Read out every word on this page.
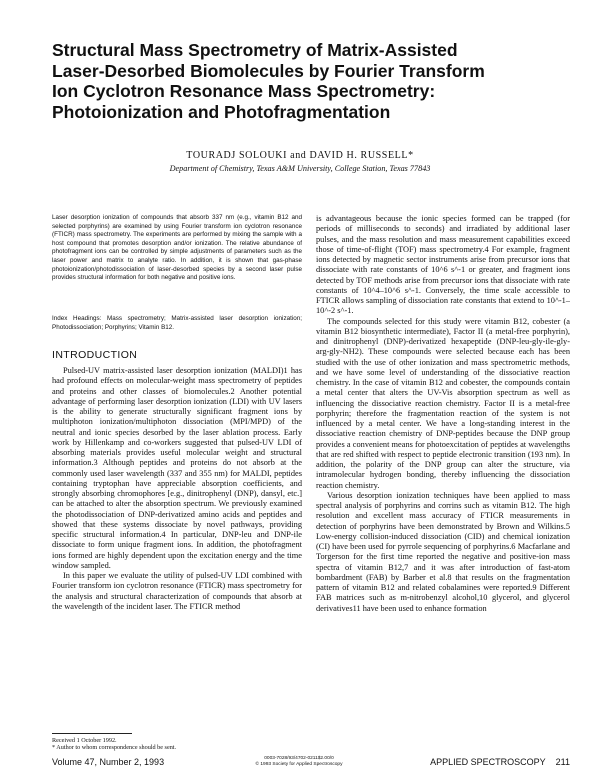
Structural Mass Spectrometry of Matrix-Assisted
Laser-Desorbed Biomolecules by Fourier Transform
Ion Cyclotron Resonance Mass Spectrometry:
Photoionization and Photofragmentation
TOURADJ SOLOUKI and DAVID H. RUSSELL*
Department of Chemistry, Texas A&M University, College Station, Texas 77843
Laser desorption ionization of compounds that absorb 337 nm (e.g., vitamin B12 and selected porphyrins) are examined by using Fourier transform ion cyclotron resonance (FTICR) mass spectrometry. The experiments are performed by mixing the sample with a host compound that promotes desorption and/or ionization. The relative abundance of photofragment ions can be controlled by simple adjustments of parameters such as the laser power and matrix to analyte ratio. In addition, it is shown that gas-phase photoionization/photodissociation of laser-desorbed species by a second laser pulse provides structural information for both negative and positive ions.
Index Headings: Mass spectrometry; Matrix-assisted laser desorption ionization; Photodissociation; Porphyrins; Vitamin B12.
INTRODUCTION

Pulsed-UV matrix-assisted laser desorption ionization (MALDI)1 has had profound effects on molecular-weight mass spectrometry of peptides and proteins and other classes of biomolecules.2 Another potential advantage of performing laser desorption ionization (LDI) with UV lasers is the ability to generate structurally significant fragment ions by multiphoton ionization/multiphoton dissociation (MPI/MPD) of the neutral and ionic species desorbed by the laser ablation process. Early work by Hillenkamp and co-workers suggested that pulsed-UV LDI of absorbing materials provides useful molecular weight and structural information.3 Although peptides and proteins do not absorb at the commonly used laser wavelength (337 and 355 nm) for MALDI, peptides containing tryptophan have appreciable absorption coefficients, and strongly absorbing chromophores [e.g., dinitrophenyl (DNP), dansyl, etc.] can be attached to alter the absorption spectrum. We previously examined the photodissociation of DNP-derivatized amino acids and peptides and showed that these systems dissociate by novel pathways, providing specific structural information.4 In particular, DNP-leu and DNP-ile dissociate to form unique fragment ions. In addition, the photofragment ions formed are highly dependent upon the excitation energy and the time window sampled.

In this paper we evaluate the utility of pulsed-UV LDI combined with Fourier transform ion cyclotron resonance (FTICR) mass spectrometry for the analysis and structural characterization of compounds that absorb at the wavelength of the incident laser. The FTICR method

is advantageous because the ionic species formed can be trapped (for periods of milliseconds to seconds) and irradiated by additional laser pulses, and the mass resolution and mass measurement capabilities exceed those of time-of-flight (TOF) mass spectrometry.4 For example, fragment ions detected by magnetic sector instruments arise from precursor ions that dissociate with rate constants of 10^6 s^-1 or greater, and fragment ions detected by TOF methods arise from precursor ions that dissociate with rate constants of 10^4–10^6 s^-1. Conversely, the time scale accessible to FTICR allows sampling of dissociation rate constants that extend to 10^-1–10^-2 s^-1.

The compounds selected for this study were vitamin B12, cobester (a vitamin B12 biosynthetic intermediate), Factor II (a metal-free porphyrin), and dinitrophenyl (DNP)-derivatized hexapeptide (DNP-leu-gly-ile-gly-arg-gly-NH2). These compounds were selected because each has been studied with the use of other ionization and mass spectrometric methods, and we have some level of understanding of the dissociative reaction chemistry. In the case of vitamin B12 and cobester, the compounds contain a metal center that alters the UV-Vis absorption spectrum as well as influencing the dissociative reaction chemistry. Factor II is a metal-free porphyrin; therefore the fragmentation reaction of the system is not influenced by a metal center. We have a long-standing interest in the dissociative reaction chemistry of DNP-peptides because the DNP group provides a convenient means for photoexcitation of peptides at wavelengths that are red shifted with respect to peptide electronic transition (193 nm). In addition, the polarity of the DNP group can alter the structure, via intramolecular hydrogen bonding, thereby influencing the dissociation reaction chemistry.

Various desorption ionization techniques have been applied to mass spectral analysis of porphyrins and corrins such as vitamin B12. The high resolution and excellent mass accuracy of FTICR measurements in detection of porphyrins have been demonstrated by Brown and Wilkins.5 Low-energy collision-induced dissociation (CID) and chemical ionization (CI) have been used for pyrrole sequencing of porphyrins.6 Macfarlane and Torgerson for the first time reported the negative and positive-ion mass spectra of vitamin B12,7 and it was after introduction of fast-atom bombardment (FAB) by Barber et al.8 that results on the fragmentation pattern of vitamin B12 and related cobalamines were reported.9 Different FAB matrices such as m-nitrobenzyl alcohol,10 glycerol, and glycerol derivatives11 have been used to enhance formation

Received 1 October 1992.
* Author to whom correspondence should be sent.
Volume 47, Number 2, 1993	0003-7028/93/4702-0211$2.00/0
© 1993 Society for Applied Spectroscopy	APPLIED SPECTROSCOPY 211
